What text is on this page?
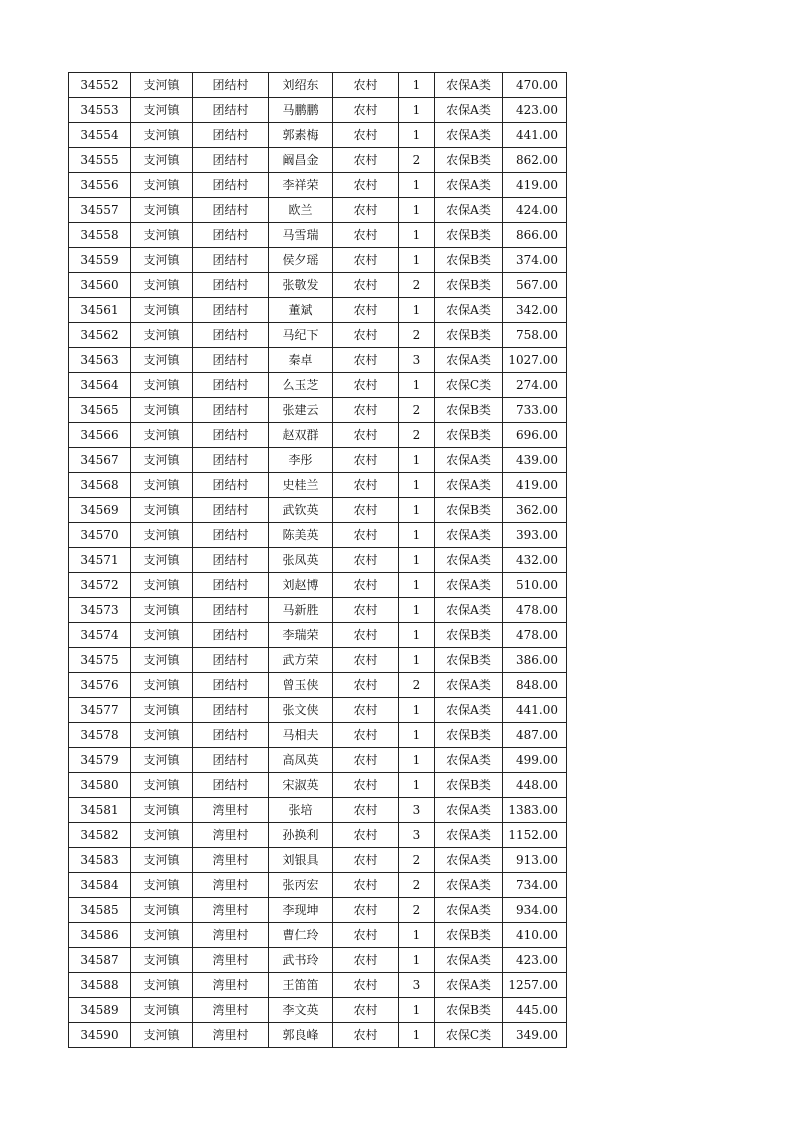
34552	支河镇	团结村	刘绍东	农村	1	农保A类	470.00
34553	支河镇	团结村	马鹏鹏	农村	1	农保A类	423.00
34554	支河镇	团结村	郭素梅	农村	1	农保A类	441.00
34555	支河镇	团结村	阚昌金	农村	2	农保B类	862.00
34556	支河镇	团结村	李祥荣	农村	1	农保A类	419.00
34557	支河镇	团结村	欧兰	农村	1	农保A类	424.00
34558	支河镇	团结村	马雪瑞	农村	1	农保B类	866.00
34559	支河镇	团结村	侯夕瑶	农村	1	农保B类	374.00
34560	支河镇	团结村	张敬发	农村	2	农保B类	567.00
34561	支河镇	团结村	董斌	农村	1	农保A类	342.00
34562	支河镇	团结村	马纪下	农村	2	农保B类	758.00
34563	支河镇	团结村	秦卓	农村	3	农保A类	1027.00
34564	支河镇	团结村	么玉芝	农村	1	农保C类	274.00
34565	支河镇	团结村	张建云	农村	2	农保B类	733.00
34566	支河镇	团结村	赵双群	农村	2	农保B类	696.00
34567	支河镇	团结村	李彤	农村	1	农保A类	439.00
34568	支河镇	团结村	史桂兰	农村	1	农保A类	419.00
34569	支河镇	团结村	武钦英	农村	1	农保B类	362.00
34570	支河镇	团结村	陈美英	农村	1	农保A类	393.00
34571	支河镇	团结村	张凤英	农村	1	农保A类	432.00
34572	支河镇	团结村	刘赵博	农村	1	农保A类	510.00
34573	支河镇	团结村	马新胜	农村	1	农保A类	478.00
34574	支河镇	团结村	李瑞荣	农村	1	农保B类	478.00
34575	支河镇	团结村	武方荣	农村	1	农保B类	386.00
34576	支河镇	团结村	曾玉侠	农村	2	农保A类	848.00
34577	支河镇	团结村	张文侠	农村	1	农保A类	441.00
34578	支河镇	团结村	马相夫	农村	1	农保B类	487.00
34579	支河镇	团结村	高凤英	农村	1	农保A类	499.00
34580	支河镇	团结村	宋淑英	农村	1	农保B类	448.00
34581	支河镇	湾里村	张培	农村	3	农保A类	1383.00
34582	支河镇	湾里村	孙换利	农村	3	农保A类	1152.00
34583	支河镇	湾里村	刘银具	农村	2	农保A类	913.00
34584	支河镇	湾里村	张丙宏	农村	2	农保A类	734.00
34585	支河镇	湾里村	李现坤	农村	2	农保A类	934.00
34586	支河镇	湾里村	曹仁玲	农村	1	农保B类	410.00
34587	支河镇	湾里村	武书玲	农村	1	农保A类	423.00
34588	支河镇	湾里村	王笛笛	农村	3	农保A类	1257.00
34589	支河镇	湾里村	李文英	农村	1	农保B类	445.00
34590	支河镇	湾里村	郭良峰	农村	1	农保C类	349.00
